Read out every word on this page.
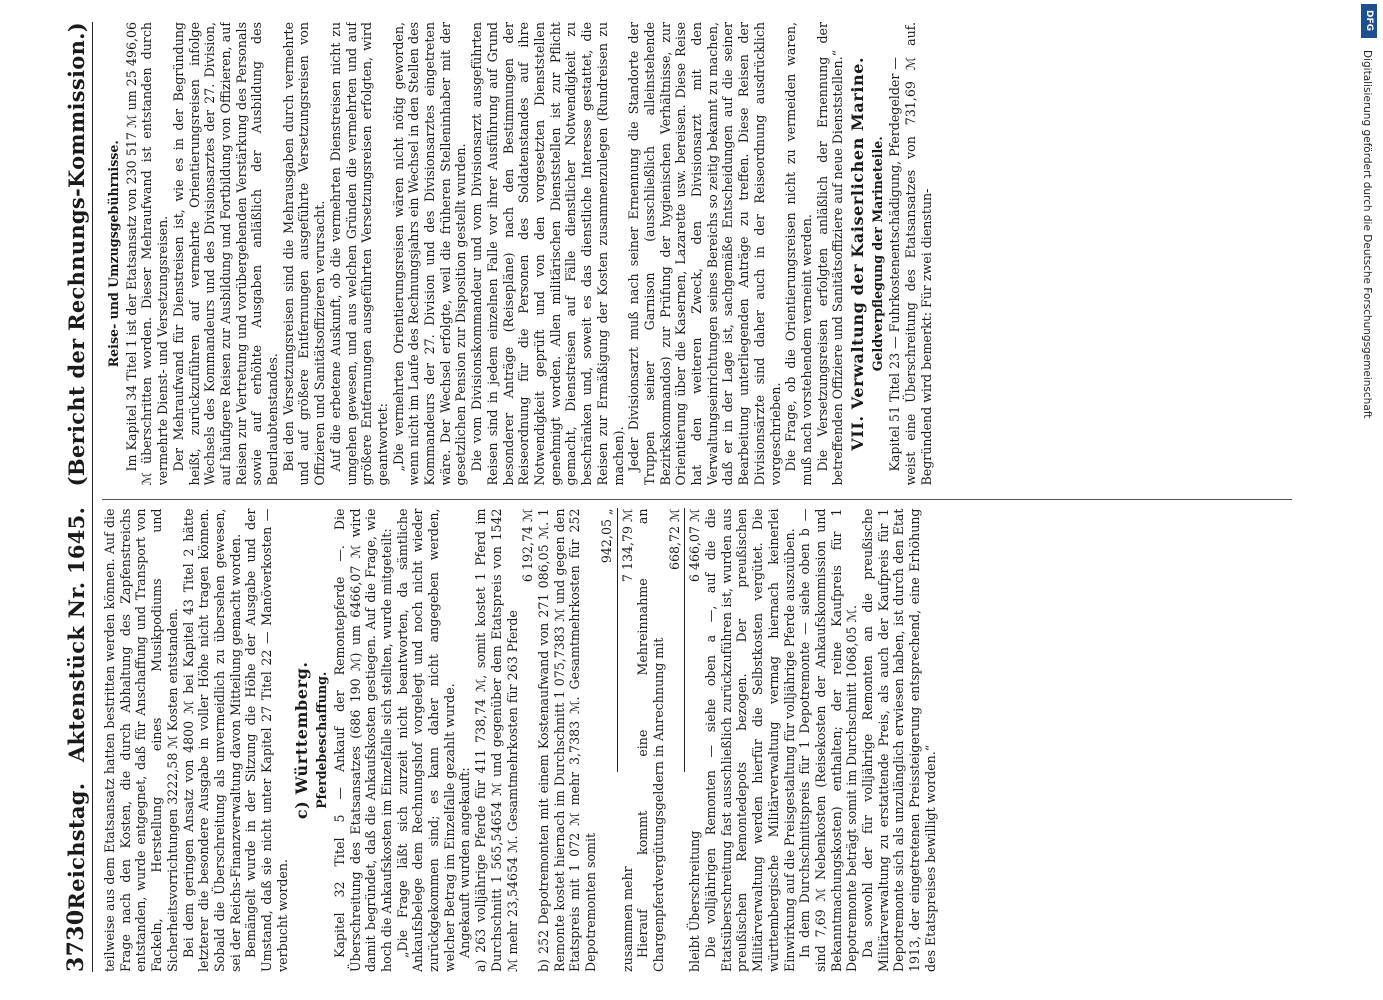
3730
Reichstag.
Aktenstück Nr. 1645.
(Bericht der Rechnungs-Kommission.)

teilweise aus dem Etatsansatz hatten bestritten werden können. Auf die Frage nach den Kosten, die durch Abhaltung des Zapfenstreichs entstanden, wurde entgegnet, daß für Anschaffung und Transport von Fackeln, Herstellung eines Musikpodiums und Sicherheitsvorrichtungen 3222,58 ℳ Kosten entstanden. Bei dem geringen Ansatz von 4800 ℳ bei Kapitel 43 Titel 2 hätte letzterer die besondere Ausgabe in voller Höhe nicht tragen können. Sobald die Überschreitung als unvermeidlich zu übersehen gewesen, sei der Reichs-Finanzverwaltung davon Mitteilung gemacht worden. Bemängelt wurde in der Sitzung die Höhe der Ausgabe und der Umstand, daß sie nicht unter Kapitel 27 Titel 22 — Manöverkosten — verbucht worden.

c) Württemberg. Pferdebeschaffung. Kapitel 32 Titel 5 — Ankauf der Remontepferde —. Die Überschreitung des Etatsansatzes (686 190 ℳ) um 6466,07 ℳ wird damit begründet, daß die Ankaufskosten gestiegen. Auf die Frage, wie hoch die Ankaufskosten im Einzelfalle sich stellten, wurde mitgeteilt: „Die Frage läßt sich zurzeit nicht beantworten, da sämtliche Ankaufsbelege dem Rechnungshof vorgelegt und noch nicht wieder zurückgekommen sind; es kann daher nicht angegeben werden, welcher Betrag im Einzelfalle gezahlt wurde. Angekauft wurden angekauft: a) 263 vollj​ährige Pferde für 411 738,74 ℳ, somit kostet 1 Pferd im Durchschnitt 1 565,54654 ℳ und gegenüber dem Etatspreis von 1542 ℳ mehr 23,54654 ℳ. Gesamtmehrkosten für 263 Pferde

6 192,74 ℳ b) 252 Depotremonten mit einem Kostenaufwand von 271 086,05 ℳ. 1 Remonte kostet hiernach im Durchschnitt 1 075,7383 ℳ und gegen den Etatspreis mit 1 072 ℳ mehr 3,7383 ℳ. Gesamtmehrkosten für 252 Depotremonten somit

942,05 „
zusammen mehr
7 134,79 ℳ Hierauf kommt eine Mehreinnahme an Chargenpferdvergütungsgeldern in Anrechnung mit

668,72 ℳ
bleibt Überschreitung
6 466,07 ℳ Die vollj​ährigen Remonten — siehe oben a —, auf die die Etatsüberschreitung fast ausschließlich zurückzuführen ist, wurden aus preußischen Remontedepots bezogen. Der preußischen Militärverwaltung werden hierfür die Selbstkosten vergütet. Die württembergische Militärverwaltung vermag hiernach keinerlei Einwirkung auf die Preisgestaltung für vollj​ährige Pferde auszuüben. In dem Durchschnittspreis für 1 Depotremonte — siehe oben b — sind 7,69 ℳ Nebenkosten (Reisekosten der Ankaufskommission und Bekanntmachungskosten) enthalten; der reine Kaufpreis für 1 Depotremonte beträgt somit im Durchschnitt 1068,05 ℳ. Da sowohl der für vollj​ährige Remonten an die preußische Militärverwaltung zu erstattende Preis, als auch der Kaufpreis für 1 Depotremonte sich als unzulänglich erwiesen haben, ist durch den Etat 1913, der eingetretenen Preissteigerung entsprechend, eine Erhöhung des Etatspreises bewilligt worden.“

Reise- und Umzugsgebührnisse. Im Kapitel 34 Titel 1 ist der Etatsansatz von 230 517 ℳ um 25 496,06 ℳ überschritten worden. Dieser Mehraufwand ist entstanden durch vermehrte Dienst- und Versetzungsreisen. Der Mehraufwand für Dienstreisen ist, wie es in der Begründung heißt, zurückzuführen auf vermehrte Orientierungsreisen infolge Wechsels des Kommandeurs und des Divisionsarztes der 27. Division, auf häufigere Reisen zur Ausbildung und Fortbildung von Offizieren, auf Reisen zur Vertretung und vorübergehenden Verstärkung des Personals sowie auf erhöhte Ausgaben anläßlich der Ausbildung des Beurlaubtenstandes. Bei den Versetzungsreisen sind die Mehrausgaben durch vermehrte und auf größere Entfernungen ausgeführte Versetzungsreisen von Offizieren und Sanitätsoffizieren verursacht. Auf die erbetene Auskunft, ob die vermehrten Dienstreisen nicht zu umgehen gewesen, und aus welchen Gründen die vermehrten und auf größere Entfernungen ausgeführten Versetzungsreisen erfolgten, wird geantwortet: „Die vermehrten Orientierungsreisen wären nicht nötig geworden, wenn nicht im Laufe des Rechnungsjahrs ein Wechsel in den Stellen des Kommandeurs der 27. Division und des Divisionsarztes eingetreten wäre. Der Wechsel erfolgte, weil die früheren Stelleninhaber mit der gesetzlichen Pension zur Disposition gestellt wurden. Die vom Divisionskommandeur und vom Divisionsarzt ausgeführten Reisen sind in jedem einzelnen Falle vor ihrer Ausführung auf Grund besonderer Anträge (Reisepläne) nach den Bestimmungen der Reiseordnung für die Personen des Soldatenstandes auf ihre Notwendigkeit geprüft und von den vorgesetzten Dienststellen genehmigt worden. Allen militärischen Dienststellen ist zur Pflicht gemacht, Dienstreisen auf Fälle dienstlicher Notwendigkeit zu beschränken und, soweit es das dienstliche Interesse gestattet, die Reisen zur Ermäßigung der Kosten zusammenzulegen (Rundreisen zu machen). Jeder Divisionsarzt muß nach seiner Ernennung die Standorte der Truppen seiner Garnison (ausschließlich alleinstehende Bezirkskommandos) zur Prüfung der hygienischen Verhältnisse, zur Orientierung über die Kasernen, Lazarette usw. bereisen. Diese Reise hat den weiteren Zweck, den Divisionsarzt mit den Verwaltungseinrichtungen seines Bereichs so zeitig bekannt zu machen, daß er in der Lage ist, sachgemäße Entscheidungen auf die seiner Bearbeitung unterliegenden Anträge zu treffen. Diese Reisen der Divisionsärzte sind daher auch in der Reiseordnung ausdrücklich vorgeschrieben. Die Frage, ob die Orientierungsreisen nicht zu vermeiden waren, muß nach vorstehendem verneint werden. Die Versetzungsreisen erfolgten anläßlich der Ernennung der betreffenden Offiziere und Sanitätsoffiziere auf neue Dienststellen.“ VII. Verwaltung der Kaiserlichen Marine. Geldverpflegung der Marineteile. Kapitel 51 Titel 23 — Fuhrkostenentschädigung, Pferdegelder — weist eine Überschreitung des Etatsansatzes von 731,69 ℳ auf. Begründend wird bemerkt: Für zwei dienstun-	Digitalisierung gefördert durch die Deutsche Forschungsgemeinschaft
DFG
